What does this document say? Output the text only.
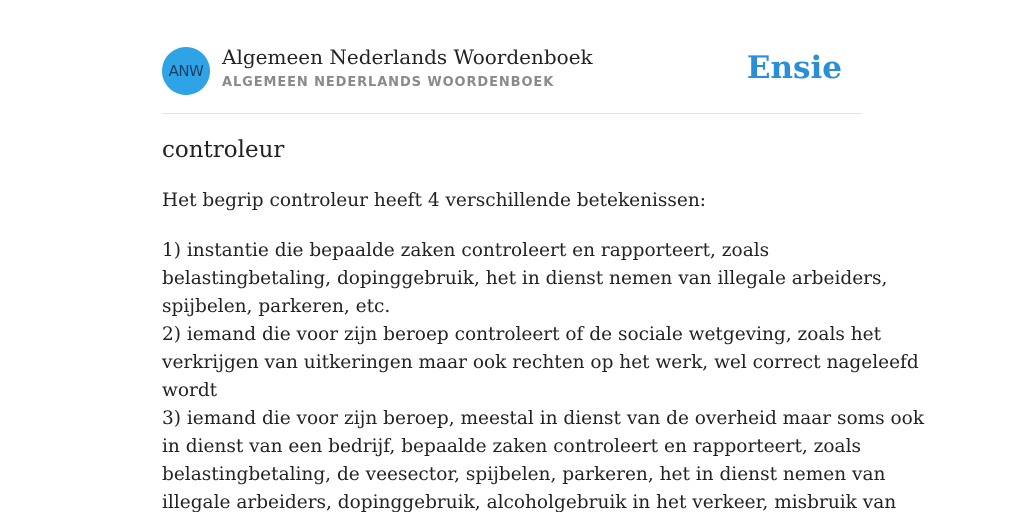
ANW
Algemeen Nederlands Woordenboek
ALGEMEEN NEDERLANDS WOORDENBOEK	Ensie
controleur

Het begrip controleur heeft 4 verschillende betekenissen:

1) instantie die bepaalde zaken controleert en rapporteert, zoals
belastingbetaling, dopinggebruik, het in dienst nemen van illegale arbeiders,
spijbelen, parkeren, etc.
2) iemand die voor zijn beroep controleert of de sociale wetgeving, zoals het
verkrijgen van uitkeringen maar ook rechten op het werk, wel correct nageleefd
wordt
3) iemand die voor zijn beroep, meestal in dienst van de overheid maar soms ook
in dienst van een bedrijf, bepaalde zaken controleert en rapporteert, zoals
belastingbetaling, de veesector, spijbelen, parkeren, het in dienst nemen van
illegale arbeiders, dopinggebruik, alcoholgebruik in het verkeer, misbruik van
